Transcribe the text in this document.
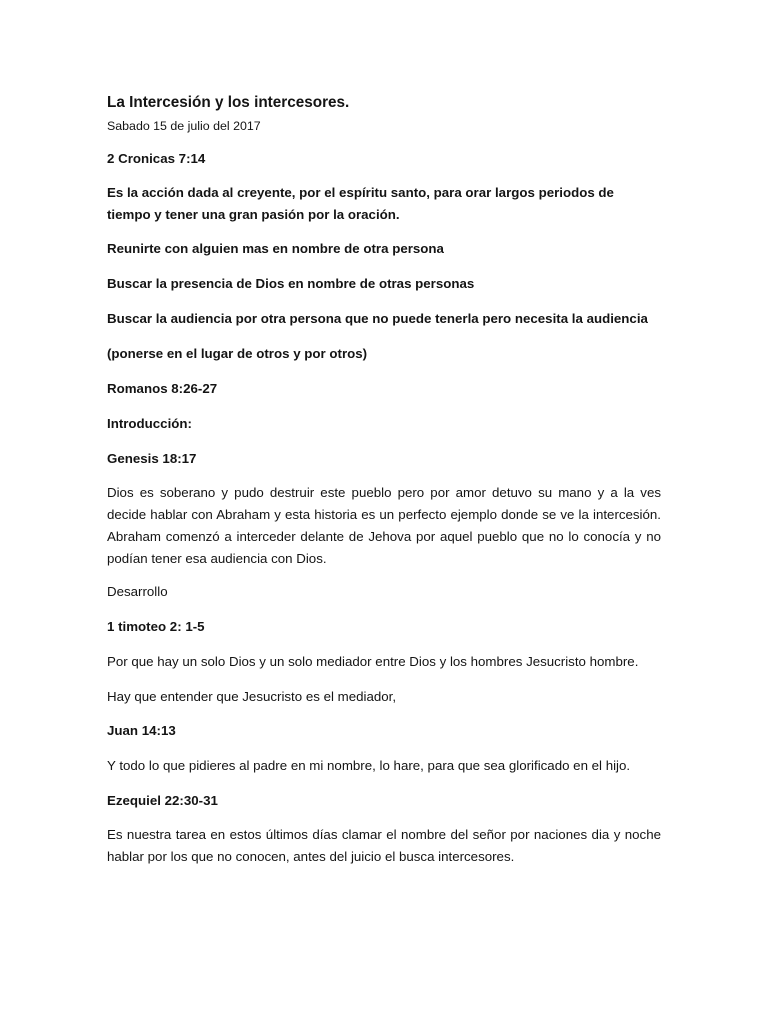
La Intercesión y los intercesores.

Sabado 15 de julio del 2017

2 Cronicas 7:14

Es la acción dada al creyente, por el espíritu santo, para orar largos periodos de tiempo y tener una gran pasión por la oración.

Reunirte con alguien mas en nombre de otra persona

Buscar la presencia de Dios en nombre de otras personas

Buscar la audiencia por otra persona que no puede tenerla pero necesita la audiencia

(ponerse en el lugar de otros y por otros)

Romanos 8:26-27

Introducción:

Genesis 18:17

Dios es soberano y pudo destruir este pueblo pero por amor detuvo su mano y a la ves decide hablar con Abraham y esta historia es un perfecto ejemplo donde se ve la intercesión. Abraham comenzó a interceder delante de Jehova por aquel pueblo que no lo conocía y no podían tener esa audiencia con Dios.

Desarrollo

1 timoteo 2: 1-5

Por que hay un solo Dios y un solo mediador entre Dios y los hombres Jesucristo hombre.

Hay que entender que Jesucristo es el mediador,

Juan 14:13

Y todo lo que pidieres al padre en mi nombre, lo hare, para que sea glorificado en el hijo.

Ezequiel 22:30-31

Es nuestra tarea en estos últimos días clamar el nombre del señor por naciones dia y noche hablar por los que no conocen, antes del juicio el busca intercesores.
